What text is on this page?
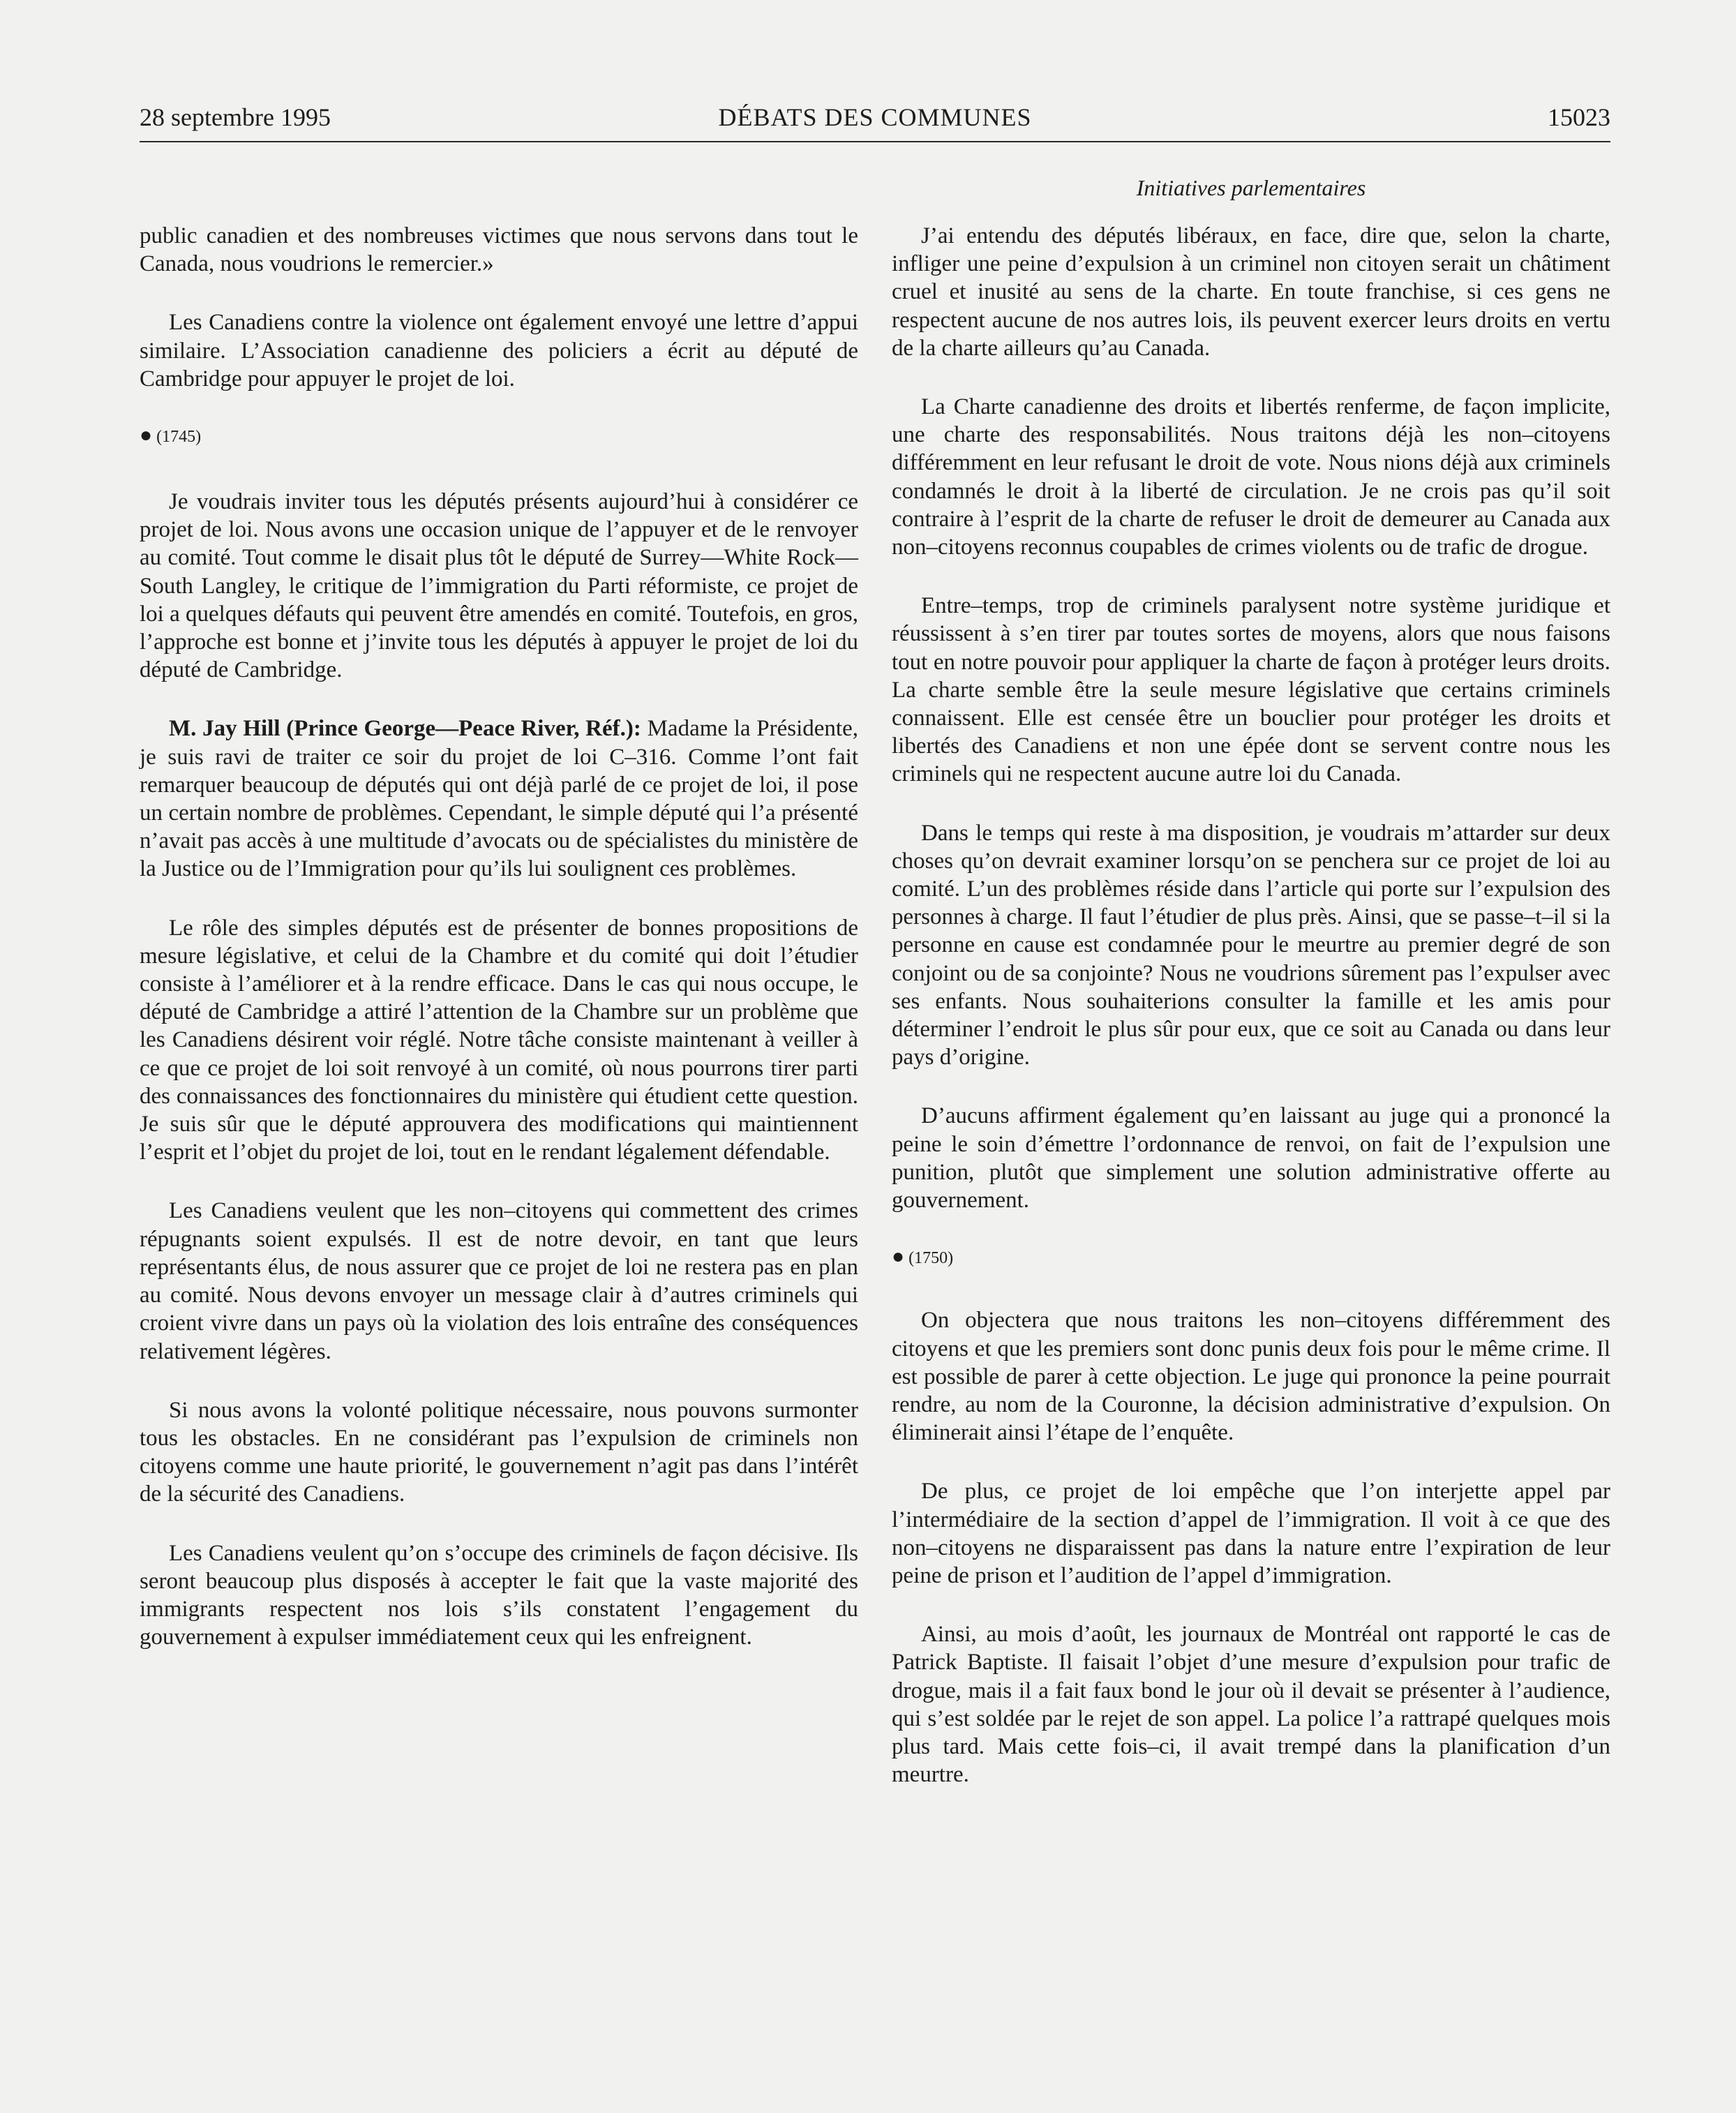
28 septembre 1995	DÉBATS DES COMMUNES	15023
Initiatives parlementaires

public canadien et des nombreuses victimes que nous servons dans tout le Canada, nous voudrions le remercier.»

Les Canadiens contre la violence ont également envoyé une lettre d’appui similaire. L’Association canadienne des policiers a écrit au député de Cambridge pour appuyer le projet de loi.

● (1745)

Je voudrais inviter tous les députés présents aujourd’hui à considérer ce projet de loi. Nous avons une occasion unique de l’appuyer et de le renvoyer au comité. Tout comme le disait plus tôt le député de Surrey—White Rock—South Langley, le critique de l’immigration du Parti réformiste, ce projet de loi a quelques défauts qui peuvent être amendés en comité. Toutefois, en gros, l’approche est bonne et j’invite tous les députés à appuyer le projet de loi du député de Cambridge.

M. Jay Hill (Prince George—Peace River, Réf.): Madame la Présidente, je suis ravi de traiter ce soir du projet de loi C–316. Comme l’ont fait remarquer beaucoup de députés qui ont déjà parlé de ce projet de loi, il pose un certain nombre de problèmes. Cependant, le simple député qui l’a présenté n’avait pas accès à une multitude d’avocats ou de spécialistes du ministère de la Justice ou de l’Immigration pour qu’ils lui soulignent ces problèmes.

Le rôle des simples députés est de présenter de bonnes propositions de mesure législative, et celui de la Chambre et du comité qui doit l’étudier consiste à l’améliorer et à la rendre efficace. Dans le cas qui nous occupe, le député de Cambridge a attiré l’attention de la Chambre sur un problème que les Canadiens désirent voir réglé. Notre tâche consiste maintenant à veiller à ce que ce projet de loi soit renvoyé à un comité, où nous pourrons tirer parti des connaissances des fonctionnaires du ministère qui étudient cette question. Je suis sûr que le député approuvera des modifications qui maintiennent l’esprit et l’objet du projet de loi, tout en le rendant légalement défendable.

Les Canadiens veulent que les non–citoyens qui commettent des crimes répugnants soient expulsés. Il est de notre devoir, en tant que leurs représentants élus, de nous assurer que ce projet de loi ne restera pas en plan au comité. Nous devons envoyer un message clair à d’autres criminels qui croient vivre dans un pays où la violation des lois entraîne des conséquences relativement légères.

Si nous avons la volonté politique nécessaire, nous pouvons surmonter tous les obstacles. En ne considérant pas l’expulsion de criminels non citoyens comme une haute priorité, le gouvernement n’agit pas dans l’intérêt de la sécurité des Canadiens.

Les Canadiens veulent qu’on s’occupe des criminels de façon décisive. Ils seront beaucoup plus disposés à accepter le fait que la vaste majorité des immigrants respectent nos lois s’ils constatent l’engagement du gouvernement à expulser immédiatement ceux qui les enfreignent.

J’ai entendu des députés libéraux, en face, dire que, selon la charte, infliger une peine d’expulsion à un criminel non citoyen serait un châtiment cruel et inusité au sens de la charte. En toute franchise, si ces gens ne respectent aucune de nos autres lois, ils peuvent exercer leurs droits en vertu de la charte ailleurs qu’au Canada.

La Charte canadienne des droits et libertés renferme, de façon implicite, une charte des responsabilités. Nous traitons déjà les non–citoyens différemment en leur refusant le droit de vote. Nous nions déjà aux criminels condamnés le droit à la liberté de circulation. Je ne crois pas qu’il soit contraire à l’esprit de la charte de refuser le droit de demeurer au Canada aux non–citoyens reconnus coupables de crimes violents ou de trafic de drogue.

Entre–temps, trop de criminels paralysent notre système juridique et réussissent à s’en tirer par toutes sortes de moyens, alors que nous faisons tout en notre pouvoir pour appliquer la charte de façon à protéger leurs droits. La charte semble être la seule mesure législative que certains criminels connaissent. Elle est censée être un bouclier pour protéger les droits et libertés des Canadiens et non une épée dont se servent contre nous les criminels qui ne respectent aucune autre loi du Canada.

Dans le temps qui reste à ma disposition, je voudrais m’attarder sur deux choses qu’on devrait examiner lorsqu’on se penchera sur ce projet de loi au comité. L’un des problèmes réside dans l’article qui porte sur l’expulsion des personnes à charge. Il faut l’étudier de plus près. Ainsi, que se passe–t–il si la personne en cause est condamnée pour le meurtre au premier degré de son conjoint ou de sa conjointe? Nous ne voudrions sûrement pas l’expulser avec ses enfants. Nous souhaiterions consulter la famille et les amis pour déterminer l’endroit le plus sûr pour eux, que ce soit au Canada ou dans leur pays d’origine.

D’aucuns affirment également qu’en laissant au juge qui a prononcé la peine le soin d’émettre l’ordonnance de renvoi, on fait de l’expulsion une punition, plutôt que simplement une solution administrative offerte au gouvernement.

● (1750)

On objectera que nous traitons les non–citoyens différemment des citoyens et que les premiers sont donc punis deux fois pour le même crime. Il est possible de parer à cette objection. Le juge qui prononce la peine pourrait rendre, au nom de la Couronne, la décision administrative d’expulsion. On éliminerait ainsi l’étape de l’enquête.

De plus, ce projet de loi empêche que l’on interjette appel par l’intermédiaire de la section d’appel de l’immigration. Il voit à ce que des non–citoyens ne disparaissent pas dans la nature entre l’expiration de leur peine de prison et l’audition de l’appel d’immigration.

Ainsi, au mois d’août, les journaux de Montréal ont rapporté le cas de Patrick Baptiste. Il faisait l’objet d’une mesure d’expulsion pour trafic de drogue, mais il a fait faux bond le jour où il devait se présenter à l’audience, qui s’est soldée par le rejet de son appel. La police l’a rattrapé quelques mois plus tard. Mais cette fois–ci, il avait trempé dans la planification d’un meurtre.
